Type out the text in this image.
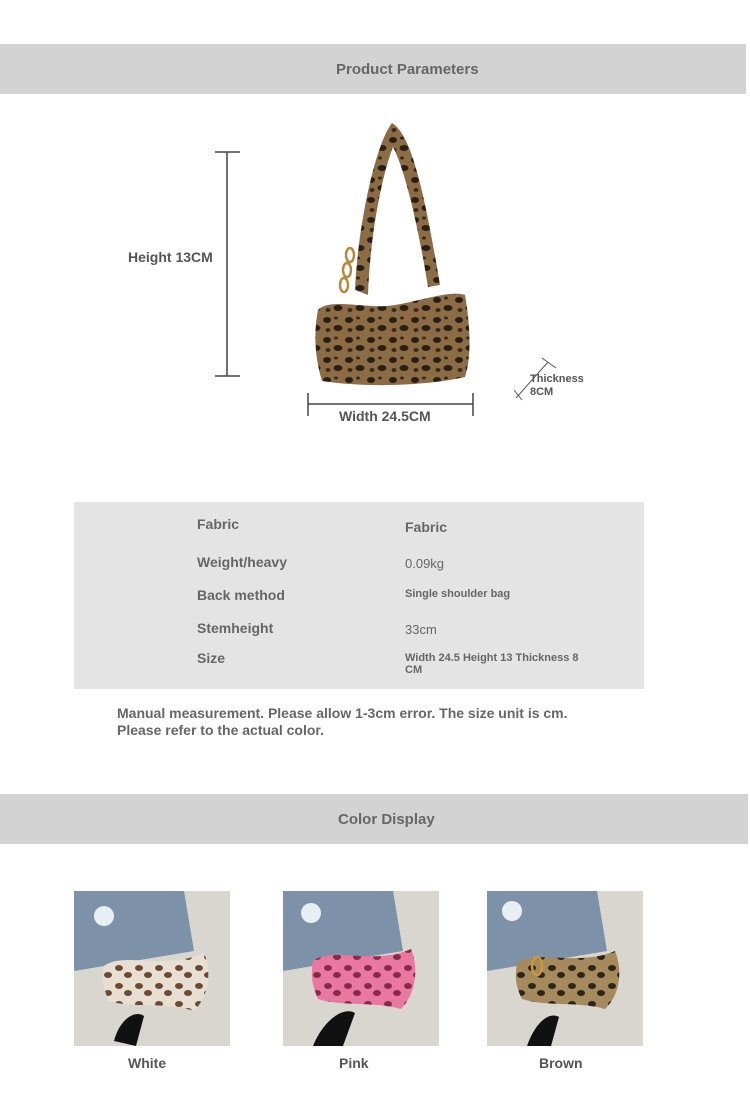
Product Parameters
Height 13CM
Width 24.5CM
Thickness
8CM
Fabric	Fabric
Weight/heavy	0.09kg
Back method	Single shoulder bag
Stemheight	33cm
Size	Width 24.5 Height 13 Thickness 8 CM
Manual measurement. Please allow 1-3cm error. The size unit is cm.
Please refer to the actual color.
Color Display
White	Pink	Brown
